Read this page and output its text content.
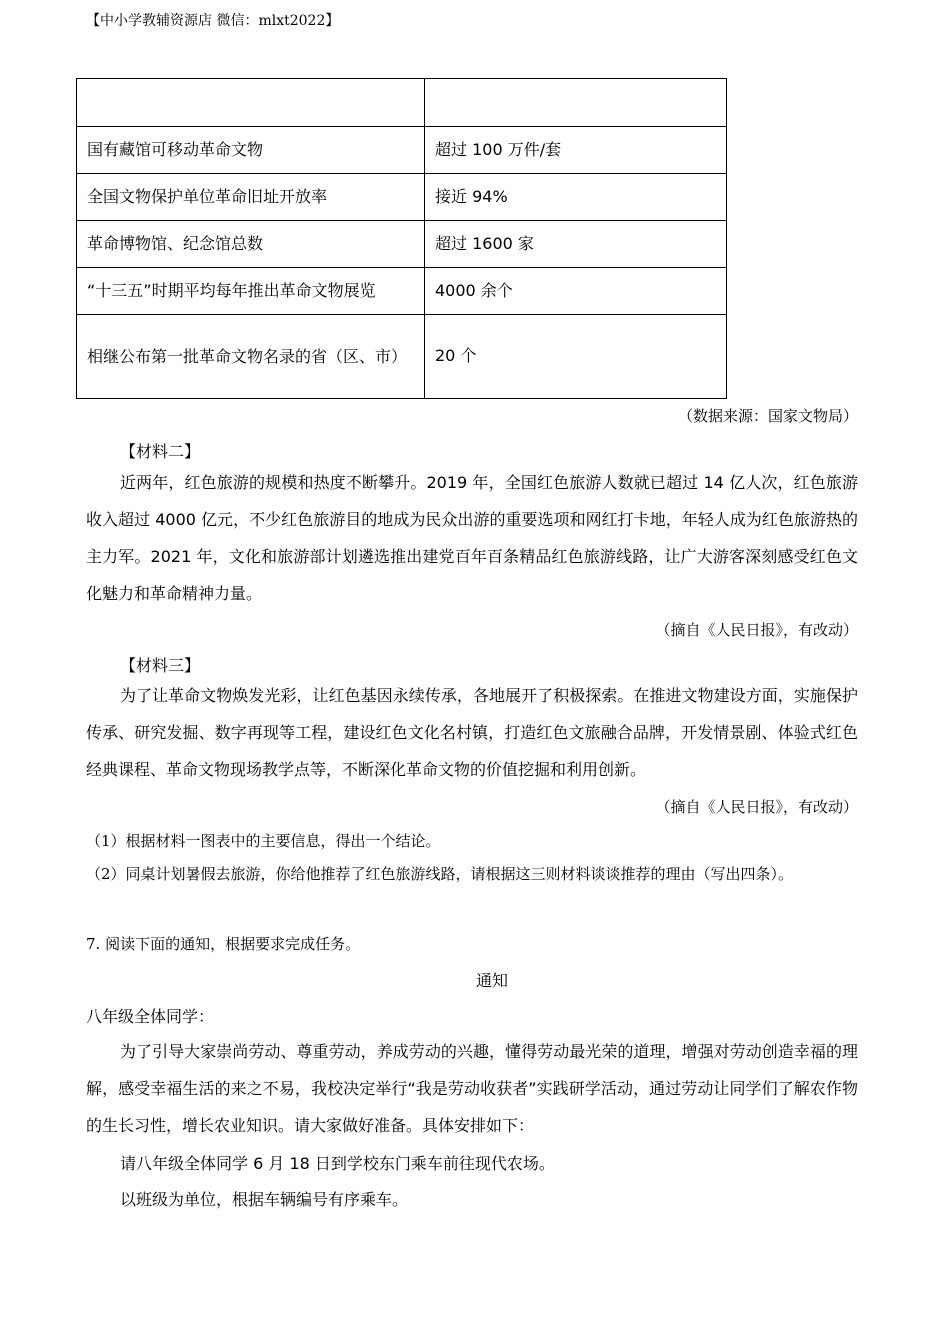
【中小学教辅资源店 微信：mlxt2022】

国有藏馆可移动革命文物	超过 100 万件/套
全国文物保护单位革命旧址开放率	接近 94%
革命博物馆、纪念馆总数	超过 1600 家
“十三五”时期平均每年推出革命文物展览	4000 余个
相继公布第一批革命文物名录的省（区、市）	20 个
（数据来源：国家文物局）
【材料二】

近两年，红色旅游的规模和热度不断攀升。2019 年，全国红色旅游人数就已超过 14 亿人次，红色旅游收入超过 4000 亿元，不少红色旅游目的地成为民众出游的重要选项和网红打卡地，年轻人成为红色旅游热的主力军。2021 年，文化和旅游部计划遴选推出建党百年百条精品红色旅游线路，让广大游客深刻感受红色文化魅力和革命精神力量。

（摘自《人民日报》，有改动）
【材料三】

为了让革命文物焕发光彩，让红色基因永续传承，各地展开了积极探索。在推进文物建设方面，实施保护传承、研究发掘、数字再现等工程，建设红色文化名村镇，打造红色文旅融合品牌，开发情景剧、体验式红色经典课程、革命文物现场教学点等，不断深化革命文物的价值挖掘和利用创新。

（摘自《人民日报》，有改动）

（1）根据材料一图表中的主要信息，得出一个结论。

（2）同桌计划暑假去旅游，你给他推荐了红色旅游线路，请根据这三则材料谈谈推荐的理由（写出四条）。

7. 阅读下面的通知，根据要求完成任务。

通知
八年级全体同学：

为了引导大家崇尚劳动、尊重劳动，养成劳动的兴趣，懂得劳动最光荣的道理，增强对劳动创造幸福的理解，感受幸福生活的来之不易，我校决定举行“我是劳动收获者”实践研学活动，通过劳动让同学们了解农作物的生长习性，增长农业知识。请大家做好准备。具体安排如下：

请八年级全体同学 6 月 18 日到学校东门乘车前往现代农场。
以班级为单位，根据车辆编号有序乘车。
